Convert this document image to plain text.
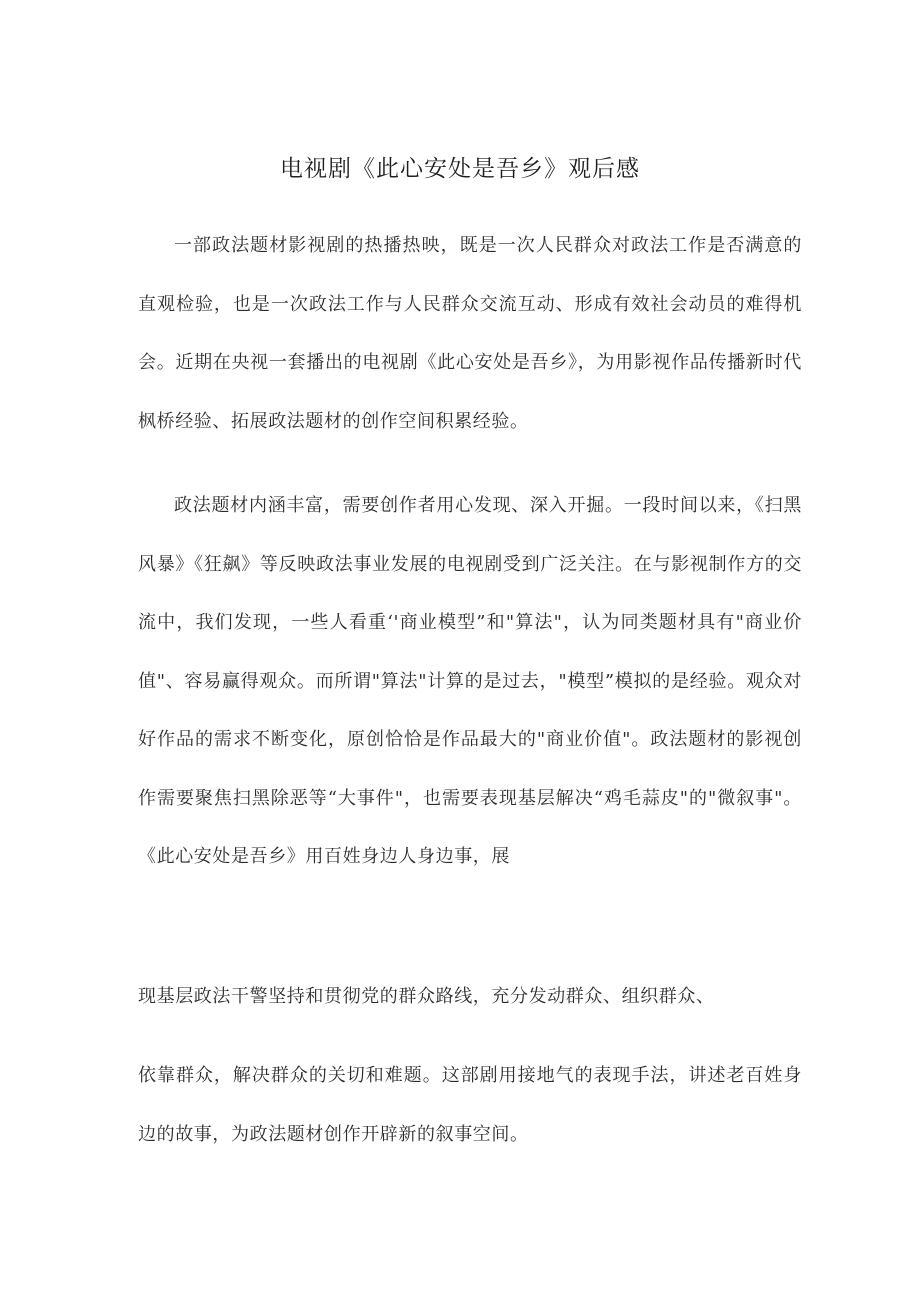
电视剧《此心安处是吾乡》观后感

一部政法题材影视剧的热播热映，既是一次人民群众对政法工作是否满意的直观检验，也是一次政法工作与人民群众交流互动、形成有效社会动员的难得机会。近期在央视一套播出的电视剧《此心安处是吾乡》，为用影视作品传播新时代枫桥经验、拓展政法题材的创作空间积累经验。

政法题材内涵丰富，需要创作者用心发现、深入开掘。一段时间以来，《扫黑风暴》《狂飙》等反映政法事业发展的电视剧受到广泛关注。在与影视制作方的交流中，我们发现，一些人看重‘'商业模型”和"算法"，认为同类题材具有"商业价值"、容易赢得观众。而所谓"算法"计算的是过去，"模型”模拟的是经验。观众对好作品的需求不断变化，原创恰恰是作品最大的"商业价值"。政法题材的影视创作需要聚焦扫黑除恶等“大事件"，也需要表现基层解决“鸡毛蒜皮"的"微叙事"。《此心安处是吾乡》用百姓身边人身边事，展

现基层政法干警坚持和贯彻党的群众路线，充分发动群众、组织群众、

依靠群众，解决群众的关切和难题。这部剧用接地气的表现手法，讲述老百姓身边的故事，为政法题材创作开辟新的叙事空间。
